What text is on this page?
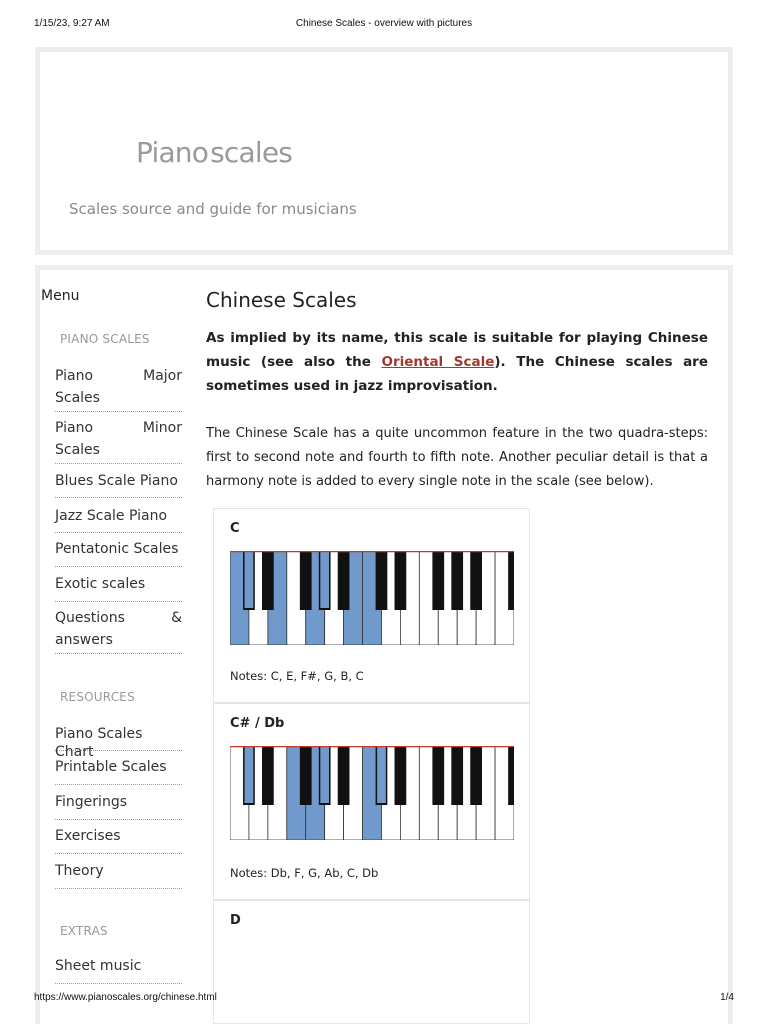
1/15/23, 9:27 AM	Chinese Scales - overview with pictures
Pianoscales
Scales source and guide for musicians
Menu
PIANO SCALES
Piano	Major
Scales
Piano	Minor
Scales
Blues Scale Piano
Jazz Scale Piano
Pentatonic Scales
Exotic scales
Questions	&
answers
RESOURCES
Piano Scales Chart
Printable Scales
Fingerings
Exercises
Theory
EXTRAS
Sheet music
Chinese Scales

As implied by its name, this scale is suitable for playing Chinese music (see also the Oriental Scale). The Chinese scales are sometimes used in jazz improvisation.

The Chinese Scale has a quite uncommon feature in the two quadra-steps: first to second note and fourth to fifth note. Another peculiar detail is that a harmony note is added to every single note in the scale (see below).

C
Notes: C, E, F#, G, B, C
C# / Db
Notes: Db, F, G, Ab, C, Db
D
https://www.pianoscales.org/chinese.html	1/4
